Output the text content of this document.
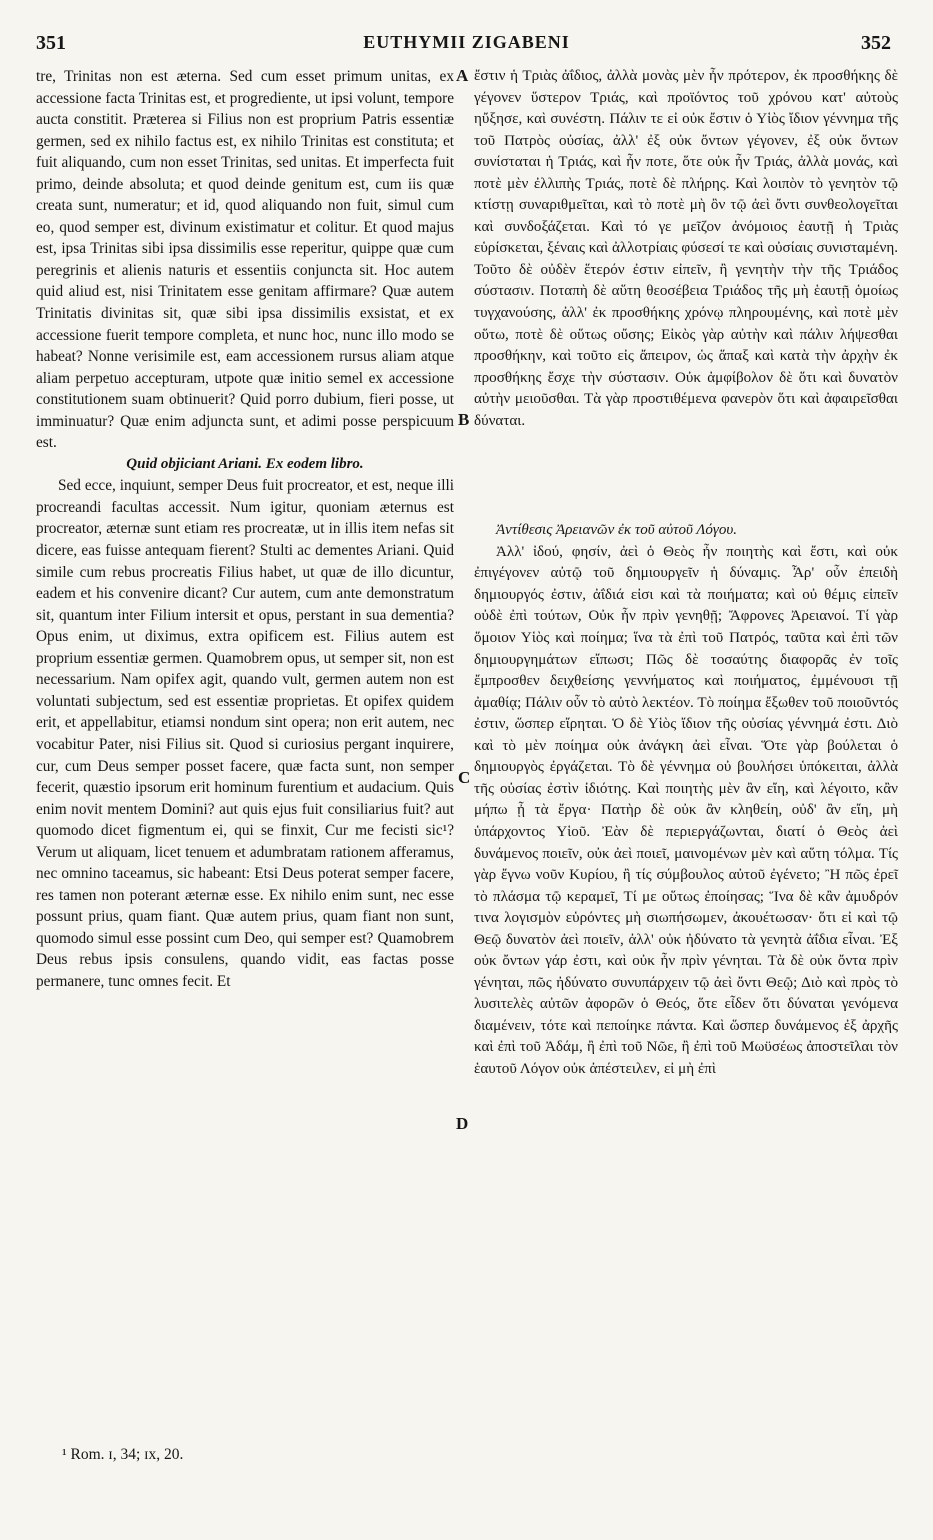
EUTHYMII ZIGABENI
351	352
A
B
C
D

tre, Trinitas non est æterna. Sed cum esset primum unitas, ex accessione facta Trinitas est, et progrediente, ut ipsi volunt, tempore aucta constitit. Præterea si Filius non est proprium Patris essentiæ germen, sed ex nihilo factus est, ex nihilo Trinitas est constituta; et fuit aliquando, cum non esset Trinitas, sed unitas. Et imperfecta fuit primo, deinde absoluta; et quod deinde genitum est, cum iis quæ creata sunt, numeratur; et id, quod aliquando non fuit, simul cum eo, quod semper est, divinum existimatur et colitur. Et quod majus est, ipsa Trinitas sibi ipsa dissimilis esse reperitur, quippe quæ cum peregrinis et alienis naturis et essentiis conjuncta sit. Hoc autem quid aliud est, nisi Trinitatem esse genitam affirmare? Quæ autem Trinitatis divinitas sit, quæ sibi ipsa dissimilis exsistat, et ex accessione fuerit tempore completa, et nunc hoc, nunc illo modo se habeat? Nonne verisimile est, eam accessionem rursus aliam atque aliam perpetuo accepturam, utpote quæ initio semel ex accessione constitutionem suam obtinuerit? Quid porro dubium, fieri posse, ut imminuatur? Quæ enim adjuncta sunt, et adimi posse perspicuum est.

Quid objiciant Ariani. Ex eodem libro.

Sed ecce, inquiunt, semper Deus fuit procreator, et est, neque illi procreandi facultas accessit. Num igitur, quoniam æternus est procreator, æternæ sunt etiam res procreatæ, ut in illis item nefas sit dicere, eas fuisse antequam fierent? Stulti ac dementes Ariani. Quid simile cum rebus procreatis Filius habet, ut quæ de illo dicuntur, eadem et his convenire dicant? Cur autem, cum ante demonstratum sit, quantum inter Filium intersit et opus, perstant in sua dementia? Opus enim, ut diximus, extra opificem est. Filius autem est proprium essentiæ germen. Quamobrem opus, ut semper sit, non est necessarium. Nam opifex agit, quando vult, germen autem non est voluntati subjectum, sed est essentiæ proprietas. Et opifex quidem erit, et appellabitur, etiamsi nondum sint opera; non erit autem, nec vocabitur Pater, nisi Filius sit. Quod si curiosius pergant inquirere, cur, cum Deus semper posset facere, quæ facta sunt, non semper fecerit, quæstio ipsorum erit hominum furentium et audacium. Quis enim novit mentem Domini? aut quis ejus fuit consiliarius fuit? aut quomodo dicet figmentum ei, qui se finxit, Cur me fecisti sic¹? Verum ut aliquam, licet tenuem et adumbratam rationem afferamus, nec omnino taceamus, sic habeant: Etsi Deus poterat semper facere, res tamen non poterant æternæ esse. Ex nihilo enim sunt, nec esse possunt prius, quam fiant. Quæ autem prius, quam fiant non sunt, quomodo simul esse possint cum Deo, qui semper est? Quamobrem Deus rebus ipsis consulens, quando vidit, eas factas posse permanere, tunc omnes fecit. Et

ἔστιν ἡ Τριὰς ἀΐδιος, ἀλλὰ μονὰς μὲν ἦν πρότερον, ἐκ προσθήκης δὲ γέγονεν ὕστερον Τριάς, καὶ προϊόντος τοῦ χρόνου κατ' αὐτοὺς ηὔξησε, καὶ συνέστη. Πάλιν τε εἰ οὐκ ἔστιν ὁ Υἱὸς ἴδιον γέννημα τῆς τοῦ Πατρὸς οὐσίας, ἀλλ' ἐξ οὐκ ὄντων γέγονεν, ἐξ οὐκ ὄντων συνίσταται ἡ Τριάς, καὶ ἦν ποτε, ὅτε οὐκ ἦν Τριάς, ἀλλὰ μονάς, καὶ ποτὲ μὲν ἐλλιπὴς Τριάς, ποτὲ δὲ πλήρης. Καὶ λοιπὸν τὸ γενητὸν τῷ κτίστῃ συναριθμεῖται, καὶ τὸ ποτὲ μὴ ὂν τῷ ἀεὶ ὄντι συνθεολογεῖται καὶ συνδοξάζεται. Καὶ τό γε μεῖζον ἀνόμοιος ἑαυτῇ ἡ Τριὰς εὑρίσκεται, ξέναις καὶ ἀλλοτρίαις φύσεσί τε καὶ οὐσίαις συνισταμένη. Τοῦτο δὲ οὐδὲν ἕτερόν ἐστιν εἰπεῖν, ἢ γενητὴν τὴν τῆς Τριάδος σύστασιν. Ποταπὴ δὲ αὕτη θεοσέβεια Τριάδος τῆς μὴ ἑαυτῇ ὁμοίως τυγχανούσης, ἀλλ' ἐκ προσθήκης χρόνῳ πληρουμένης, καὶ ποτὲ μὲν οὕτω, ποτὲ δὲ οὕτως οὔσης; Εἰκὸς γὰρ αὐτὴν καὶ πάλιν λήψεσθαι προσθήκην, καὶ τοῦτο εἰς ἄπειρον, ὡς ἅπαξ καὶ κατὰ τὴν ἀρχὴν ἐκ προσθήκης ἔσχε τὴν σύστασιν. Οὐκ ἀμφίβολον δὲ ὅτι καὶ δυνατὸν αὐτὴν μειοῦσθαι. Τὰ γὰρ προστιθέμενα φανερὸν ὅτι καὶ ἀφαιρεῖσθαι δύναται.

Ἀντίθεσις Ἀρειανῶν ἐκ τοῦ αὐτοῦ Λόγου.

Ἀλλ' ἰδού, φησίν, ἀεὶ ὁ Θεὸς ἦν ποιητὴς καὶ ἔστι, καὶ οὐκ ἐπιγέγονεν αὐτῷ τοῦ δημιουργεῖν ἡ δύναμις. Ἆρ' οὖν ἐπειδὴ δημιουργός ἐστιν, ἀΐδιά εἰσι καὶ τὰ ποιήματα; καὶ οὐ θέμις εἰπεῖν οὐδὲ ἐπὶ τούτων, Οὐκ ἦν πρὶν γενηθῇ; Ἄφρονες Ἀρειανοί. Τί γὰρ ὅμοιον Υἱὸς καὶ ποίημα; ἵνα τὰ ἐπὶ τοῦ Πατρός, ταῦτα καὶ ἐπὶ τῶν δημιουργημάτων εἴπωσι; Πῶς δὲ τοσαύτης διαφορᾶς ἐν τοῖς ἔμπροσθεν δειχθείσης γεννήματος καὶ ποιήματος, ἐμμένουσι τῇ ἀμαθίᾳ; Πάλιν οὖν τὸ αὐτὸ λεκτέον. Τὸ ποίημα ἔξωθεν τοῦ ποιοῦντός ἐστιν, ὥσπερ εἴρηται. Ὁ δὲ Υἱὸς ἴδιον τῆς οὐσίας γέννημά ἐστι. Διὸ καὶ τὸ μὲν ποίημα οὐκ ἀνάγκη ἀεὶ εἶναι. Ὅτε γὰρ βούλεται ὁ δημιουργὸς ἐργάζεται. Τὸ δὲ γέννημα οὐ βουλήσει ὑπόκειται, ἀλλὰ τῆς οὐσίας ἐστὶν ἰδιότης. Καὶ ποιητὴς μὲν ἂν εἴη, καὶ λέγοιτο, κἂν μήπω ᾖ τὰ ἔργα· Πατὴρ δὲ οὐκ ἂν κληθείη, οὐδ' ἂν εἴη, μὴ ὑπάρχοντος Υἱοῦ. Ἐὰν δὲ περιεργάζωνται, διατί ὁ Θεὸς ἀεὶ δυνάμενος ποιεῖν, οὐκ ἀεὶ ποιεῖ, μαινομένων μὲν καὶ αὕτη τόλμα. Τίς γὰρ ἔγνω νοῦν Κυρίου, ἢ τίς σύμβουλος αὐτοῦ ἐγένετο; Ἢ πῶς ἐρεῖ τὸ πλάσμα τῷ κεραμεῖ, Τί με οὕτως ἐποίησας; Ἵνα δὲ κἂν ἀμυδρόν τινα λογισμὸν εὑρόντες μὴ σιωπήσωμεν, ἀκουέτωσαν· ὅτι εἰ καὶ τῷ Θεῷ δυνατὸν ἀεὶ ποιεῖν, ἀλλ' οὐκ ἠδύνατο τὰ γενητὰ ἀΐδια εἶναι. Ἐξ οὐκ ὄντων γάρ ἐστι, καὶ οὐκ ἦν πρὶν γένηται. Τὰ δὲ οὐκ ὄντα πρὶν γένηται, πῶς ἠδύνατο συνυπάρχειν τῷ ἀεὶ ὄντι Θεῷ; Διὸ καὶ πρὸς τὸ λυσιτελὲς αὐτῶν ἀφορῶν ὁ Θεός, ὅτε εἶδεν ὅτι δύναται γενόμενα διαμένειν, τότε καὶ πεποίηκε πάντα. Καὶ ὥσπερ δυνάμενος ἐξ ἀρχῆς καὶ ἐπὶ τοῦ Ἀδάμ, ἢ ἐπὶ τοῦ Νῶε, ἢ ἐπὶ τοῦ Μωϋσέως ἀποστεῖλαι τὸν ἑαυτοῦ Λόγον οὐκ ἀπέστειλεν, εἰ μὴ ἐπὶ

¹ Rom. ɪ, 34; ɪx, 20.
